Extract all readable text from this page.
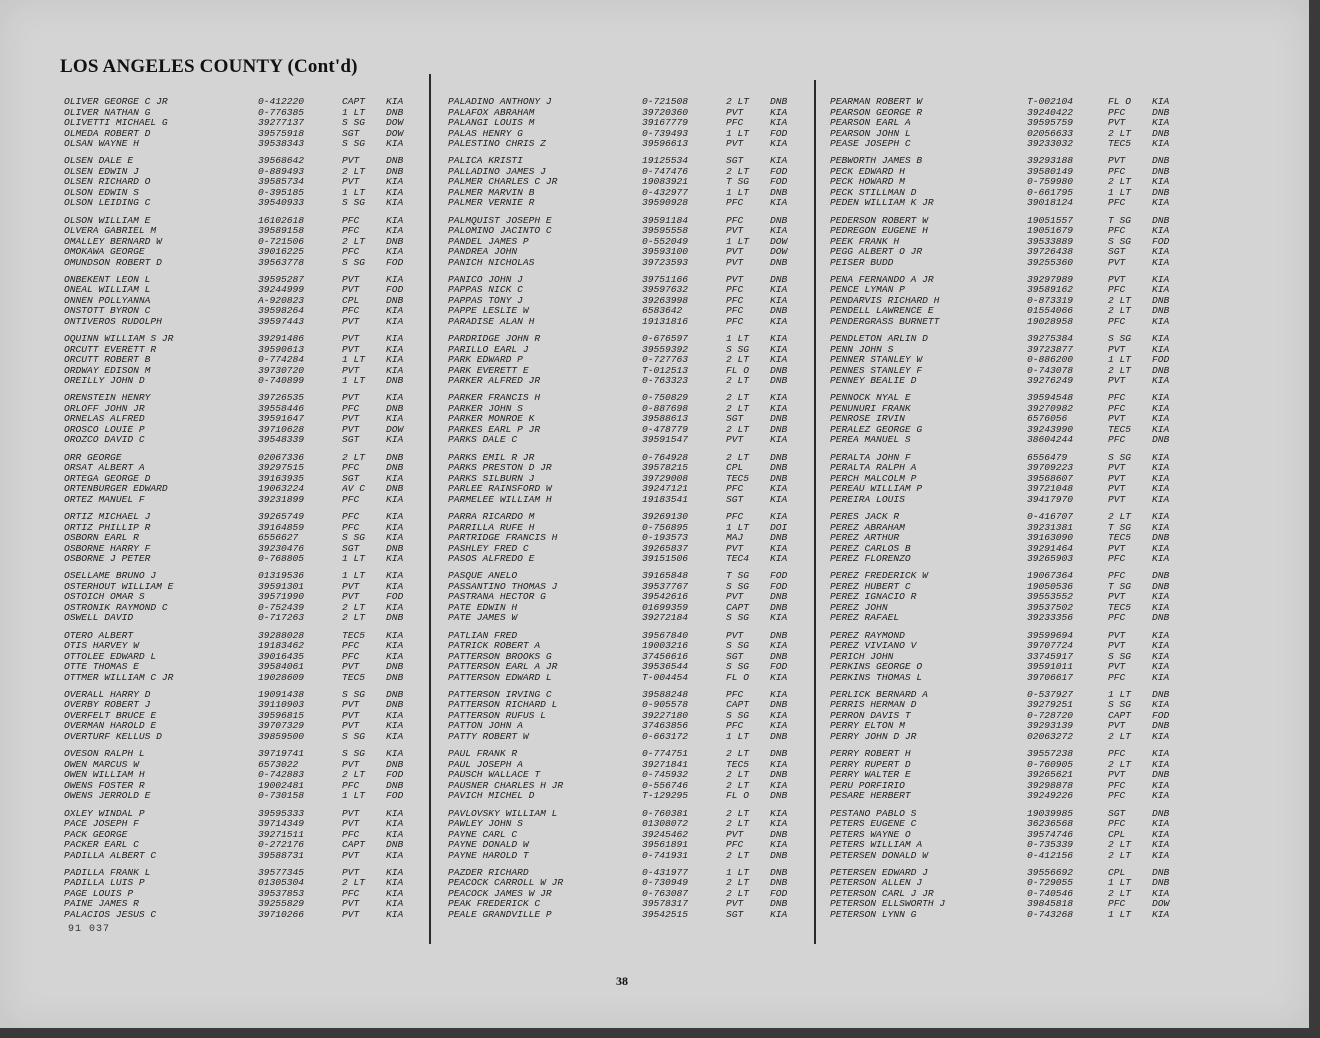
LOS ANGELES COUNTY (Cont'd)
OLIVER GEORGE C JR	0-412220	CAPT KIA
OLIVER NATHAN G	0-776385	1 LT DNB
OLIVETTI MICHAEL G	39277137	S SG DOW
OLMEDA ROBERT D	39575918	SGT	DOW
OLSAN WAYNE H	39538343	S SG KIA
OLSEN DALE E	39568642	PVT	DNB
OLSEN EDWIN J	0-889493	2 LT DNB
OLSEN RICHARD O	39585734	PVT	KIA
OLSON EDWIN S	0-395185	1 LT KIA
OLSON LEIDING C	39540933	S SG KIA
OLSON WILLIAM E	16102618	PFC	KIA
OLVERA GABRIEL M	39589158	PFC	KIA
OMALLEY BERNARD W	0-721506	2 LT DNB
OMOKAWA GEORGE	39016225	PFC	KIA
OMUNDSON ROBERT D	39563778	S SG FOD
ONBEKENT LEON L	39595287	PVT	KIA
ONEAL WILLIAM L	39244999	PVT	FOD
ONNEN POLLYANNA	A-920823	CPL	DNB
ONSTOTT BYRON C	39598264	PFC	KIA
ONTIVEROS RUDOLPH	39597443	PVT	KIA
OQUINN WILLIAM S JR	39291486	PVT	KIA
ORCUTT EVERETT R	39590613	PVT	KIA
ORCUTT ROBERT B	0-774284	1 LT KIA
ORDWAY EDISON M	39730720	PVT	KIA
OREILLY JOHN D	0-740899	1 LT DNB
ORENSTEIN HENRY	39726535	PVT	KIA
ORLOFF JOHN JR	39558446	PFC	DNB
ORNELAS ALFRED	39591647	PVT	KIA
OROSCO LOUIE P	39710628	PVT	DOW
OROZCO DAVID C	39548339	SGT	KIA
ORR GEORGE	02067336	2 LT DNB
ORSAT ALBERT A	39297515	PFC	DNB
ORTEGA GEORGE D	39163935	SGT	KIA
ORTENBURGER EDWARD	19063224	AV C DNB
ORTEZ MANUEL F	39231899	PFC	KIA
ORTIZ MICHAEL J	39265749	PFC	KIA
ORTIZ PHILLIP R	39164859	PFC	KIA
OSBORN EARL R	6556627	S SG KIA
OSBORNE HARRY F	39230476	SGT	DNB
OSBORNE J PETER	0-768805	1 LT KIA
OSELLAME BRUNO J	01319536	1 LT KIA
OSTERHOUT WILLIAM E	39591301	PVT	KIA
OSTOICH OMAR S	39571990	PVT	FOD
OSTRONIK RAYMOND C	0-752439	2 LT KIA
OSWELL DAVID	0-717263	2 LT DNB
OTERO ALBERT	39288028	TEC5 KIA
OTIS HARVEY W	19183462	PFC	KIA
OTTOLEE EDWARD L	39016435	PFC	KIA
OTTE THOMAS E	39584061	PVT	DNB
OTTMER WILLIAM C JR	19028609	TEC5 DNB
OVERALL HARRY D	19091438	S SG DNB
OVERBY ROBERT J	39110903	PVT	DNB
OVERFELT BRUCE E	39596815	PVT	KIA
OVERMAN HAROLD E	39707329	PVT	KIA
OVERTURF KELLUS D	39859500	S SG KIA
OVESON RALPH L	39719741	S SG KIA
OWEN MARCUS W	6573022	PVT	DNB
OWEN WILLIAM H	0-742883	2 LT FOD
OWENS FOSTER R	19002481	PFC	DNB
OWENS JERROLD E	0-730158	1 LT FOD
OXLEY WINDAL P	39595333	PVT	KIA
PACE JOSEPH F	39714349	PVT	KIA
PACK GEORGE	39271511	PFC	KIA
PACKER EARL C	0-272176	CAPT DNB
PADILLA ALBERT C	39588731	PVT	KIA
PADILLA FRANK L	39577345	PVT	KIA
PADILLA LUIS P	01305304	2 LT KIA
PAGE LOUIS P	39537853	PFC	KIA
PAINE JAMES R	39255829	PVT	KIA
PALACIOS JESUS C	39710266	PVT	KIA
PALADINO ANTHONY J	0-721508	2 LT DNB
PALAFOX ABRAHAM	39720360	PVT	KIA
PALANGI LOUIS M	39167779	PFC	KIA
PALAS HENRY G	0-739493	1 LT FOD
PALESTINO CHRIS Z	39596613	PVT	KIA
PALICA KRISTI	19125534	SGT	KIA
PALLADINO JAMES J	0-747476	2 LT FOD
PALMER CHARLES C JR	19083921	T SG FOD
PALMER MARVIN B	0-432977	1 LT DNB
PALMER VERNIE R	39590928	PFC	KIA
PALMQUIST JOSEPH E	39591184	PFC	DNB
PALOMINO JACINTO C	39595558	PVT	KIA
PANDEL JAMES P	0-552049	1 LT DOW
PANDREA JOHN	39593100	PVT	DOW
PANICH NICHOLAS	39723593	PVT	DNB
PANICO JOHN J	39751166	PVT	DNB
PAPPAS NICK C	39597632	PFC	KIA
PAPPAS TONY J	39263998	PFC	KIA
PAPPE LESLIE W	6583642	PFC	DNB
PARADISE ALAN H	19131816	PFC	KIA
PARDRIDGE JOHN R	0-676597	1 LT KIA
PARILLO EARL J	39559392	S SG KIA
PARK EDWARD P	0-727763	2 LT KIA
PARK EVERETT E	T-012513	FL O DNB
PARKER ALFRED JR	0-763323	2 LT DNB
PARKER FRANCIS H	0-750829	2 LT KIA
PARKER JOHN S	0-887698	2 LT KIA
PARKER MONROE K	39588613	SGT	DNB
PARKES EARL P JR	0-478779	2 LT DNB
PARKS DALE C	39591547	PVT	KIA
PARKS EMIL R JR	0-764928	2 LT DNB
PARKS PRESTON D JR	39578215	CPL	DNB
PARKS SILBURN J	39729008	TEC5 DNB
PARLEE RAINSFORD W	39247121	PFC	KIA
PARMELEE WILLIAM H	19183541	SGT	KIA
PARRA RICARDO M	39269130	PFC	KIA
PARRILLA RUFE H	0-756895	1 LT DOI
PARTRIDGE FRANCIS H	0-193573	MAJ	DNB
PASHLEY FRED C	39265837	PVT	KIA
PASOS ALFREDO E	39151506	TEC4 KIA
PASQUE ANELO	39165848	T SG FOD
PASSANTINO THOMAS J	39537767	S SG FOD
PASTRANA HECTOR G	39542616	PVT	DNB
PATE EDWIN H	01699359	CAPT DNB
PATE JAMES W	39272184	S SG KIA
PATLIAN FRED	39567840	PVT	DNB
PATRICK ROBERT A	19003216	S SG KIA
PATTERSON BROOKS G	37456616	SGT	DNB
PATTERSON EARL A JR	39536544	S SG FOD
PATTERSON EDWARD L	T-004454	FL O KIA
PATTERSON IRVING C	39588248	PFC	KIA
PATTERSON RICHARD L	0-905578	CAPT DNB
PATTERSON RUFUS L	39227180	S SG KIA
PATTON JOHN A	37463856	PFC	KIA
PATTY ROBERT W	0-663172	1 LT DNB
PAUL FRANK R	0-774751	2 LT DNB
PAUL JOSEPH A	39271841	TEC5 KIA
PAUSCH WALLACE T	0-745932	2 LT DNB
PAUSNER CHARLES H JR	0-556746	2 LT KIA
PAVICH MICHEL D	T-129295	FL O DNB
PAVLOVSKY WILLIAM L	0-760381	2 LT KIA
PAWLEY JOHN S	01308072	2 LT KIA
PAYNE CARL C	39245462	PVT	DNB
PAYNE DONALD W	39561891	PFC	KIA
PAYNE HAROLD T	0-741931	2 LT DNB
PAZDER RICHARD	0-431977	1 LT DNB
PEACOCK CARROLL W JR	0-730949	2 LT DNB
PEACOCK JAMES W JR	0-763087	2 LT FOD
PEAK FREDERICK C	39578317	PVT	DNB
PEALE GRANDVILLE P	39542515	SGT	KIA
PEARMAN ROBERT W	T-002104	FL O KIA
PEARSON GEORGE R	39240422	PFC	DNB
PEARSON EARL A	39595759	PVT	KIA
PEARSON JOHN L	02056633	2 LT DNB
PEASE JOSEPH C	39233032	TEC5 KIA
PEBWORTH JAMES B	39293188	PVT	DNB
PECK EDWARD H	39580149	PFC	DNB
PECK HOWARD M	0-759980	2 LT KIA
PECK STILLMAN D	0-661795	1 LT DNB
PEDEN WILLIAM K JR	39018124	PFC	KIA
PEDERSON ROBERT W	19051557	T SG DNB
PEDREGON EUGENE H	19051679	PFC	KIA
PEEK FRANK H	39533889	S SG FOD
PEGG ALBERT O JR	39726438	SGT	KIA
PEISER BUDD	39255360	PVT	KIA
PENA FERNANDO A JR	39297989	PVT	KIA
PENCE LYMAN P	39589162	PFC	KIA
PENDARVIS RICHARD H	0-873319	2 LT DNB
PENDELL LAWRENCE E	01554066	2 LT DNB
PENDERGRASS BURNETT	19028958	PFC	KIA
PENDLETON ARLIN D	39275384	S SG KIA
PENN JOHN S	39723877	PVT	KIA
PENNER STANLEY W	0-886200	1 LT FOD
PENNES STANLEY F	0-743078	2 LT DNB
PENNEY BEALIE D	39276249	PVT	KIA
PENNOCK NYAL E	39594548	PFC	KIA
PENUNURI FRANK	39270982	PFC	KIA
PENROSE IRVIN	6576056	PVT	KIA
PERALEZ GEORGE G	39243990	TEC5 KIA
PEREA MANUEL S	38604244	PFC	DNB
PERALTA JOHN F	6556479	S SG KIA
PERALTA RALPH A	39709223	PVT	KIA
PERCH MALCOLM P	39568607	PVT	KIA
PEREAU WILLIAM P	39721048	PVT	KIA
PEREIRA LOUIS	39417970	PVT	KIA
PERES JACK R	0-416707	2 LT KIA
PEREZ ABRAHAM	39231381	T SG KIA
PEREZ ARTHUR	39163090	TEC5 DNB
PEREZ CARLOS B	39291464	PVT	KIA
PEREZ FLORENZO	39265903	PFC	KIA
PEREZ FREDERICK W	19067364	PFC	DNB
PEREZ HUBERT C	19050536	T SG DNB
PEREZ IGNACIO R	39553552	PVT	KIA
PEREZ JOHN	39537502	TEC5 KIA
PEREZ RAFAEL	39233356	PFC	DNB
PEREZ RAYMOND	39599694	PVT	KIA
PEREZ VIVIANO V	39707724	PVT	KIA
PERICH JOHN	33745917	S SG KIA
PERKINS GEORGE O	39591011	PVT	KIA
PERKINS THOMAS L	39706617	PFC	KIA
PERLICK BERNARD A	0-537927	1 LT DNB
PERRIS HERMAN D	39279251	S SG KIA
PERRON DAVIS T	0-728720	CAPT FOD
PERRY ELTON M	39293139	PVT	DNB
PERRY JOHN D JR	02063272	2 LT KIA
PERRY ROBERT H	39557238	PFC	KIA
PERRY RUPERT D	0-760905	2 LT KIA
PERRY WALTER E	39265621	PVT	DNB
PERU PORFIRIO	39298878	PFC	KIA
PESARE HERBERT	39249226	PFC	KIA
PESTANO PABLO S	19039985	SGT	DNB
PETERS EUGENE C	36236568	PFC	KIA
PETERS WAYNE O	39574746	CPL	KIA
PETERS WILLIAM A	0-735339	2 LT KIA
PETERSEN DONALD W	0-412156	2 LT KIA
PETERSEN EDWARD J	39556692	CPL	DNB
PETERSON ALLEN J	0-729055	1 LT DNB
PETERSON CARL J JR	0-740546	2 LT KIA
PETERSON ELLSWORTH J	39845818	PFC	DOW
PETERSON LYNN G	0-743268	1 LT KIA
91 037
38
